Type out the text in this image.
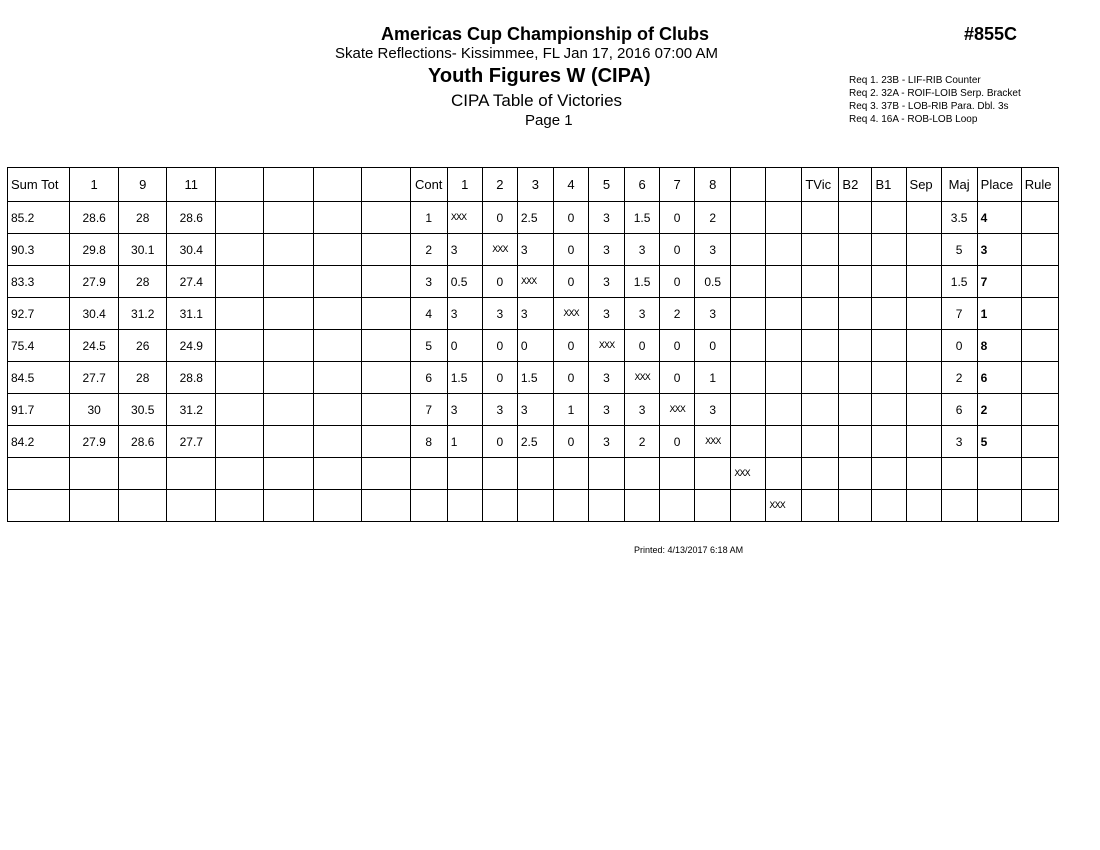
Americas Cup Championship of Clubs	#855C
Skate Reflections- Kissimmee, FL Jan 17, 2016 07:00 AM
Youth Figures W (CIPA)
CIPA Table of Victories
Page 1
Req 1. 23B - LIF-RIB Counter
Req 2. 32A - ROIF-LOIB Serp. Bracket
Req 3. 37B - LOB-RIB Para. Dbl. 3s
Req 4. 16A - ROB-LOB Loop
Sum Tot	1	9	11					Cont	1	2	3	4	5	6	7	8			TVic	B2	B1	Sep	Maj	Place	Rule
85.2	28.6	28	28.6					1	XXX	0	2.5	0	3	1.5	0	2							3.5	4	
90.3	29.8	30.1	30.4					2	3	XXX	3	0	3	3	0	3							5	3	
83.3	27.9	28	27.4					3	0.5	0	XXX	0	3	1.5	0	0.5							1.5	7	
92.7	30.4	31.2	31.1					4	3	3	3	XXX	3	3	2	3							7	1	
75.4	24.5	26	24.9					5	0	0	0	0	XXX	0	0	0							0	8	
84.5	27.7	28	28.8					6	1.5	0	1.5	0	3	XXX	0	1							2	6	
91.7	30	30.5	31.2					7	3	3	3	1	3	3	XXX	3							6	2	
84.2	27.9	28.6	27.7					8	1	0	2.5	0	3	2	0	XXX							3	5	
																	XXX								
																		XXX							
Printed: 4/13/2017 6:18 AM
